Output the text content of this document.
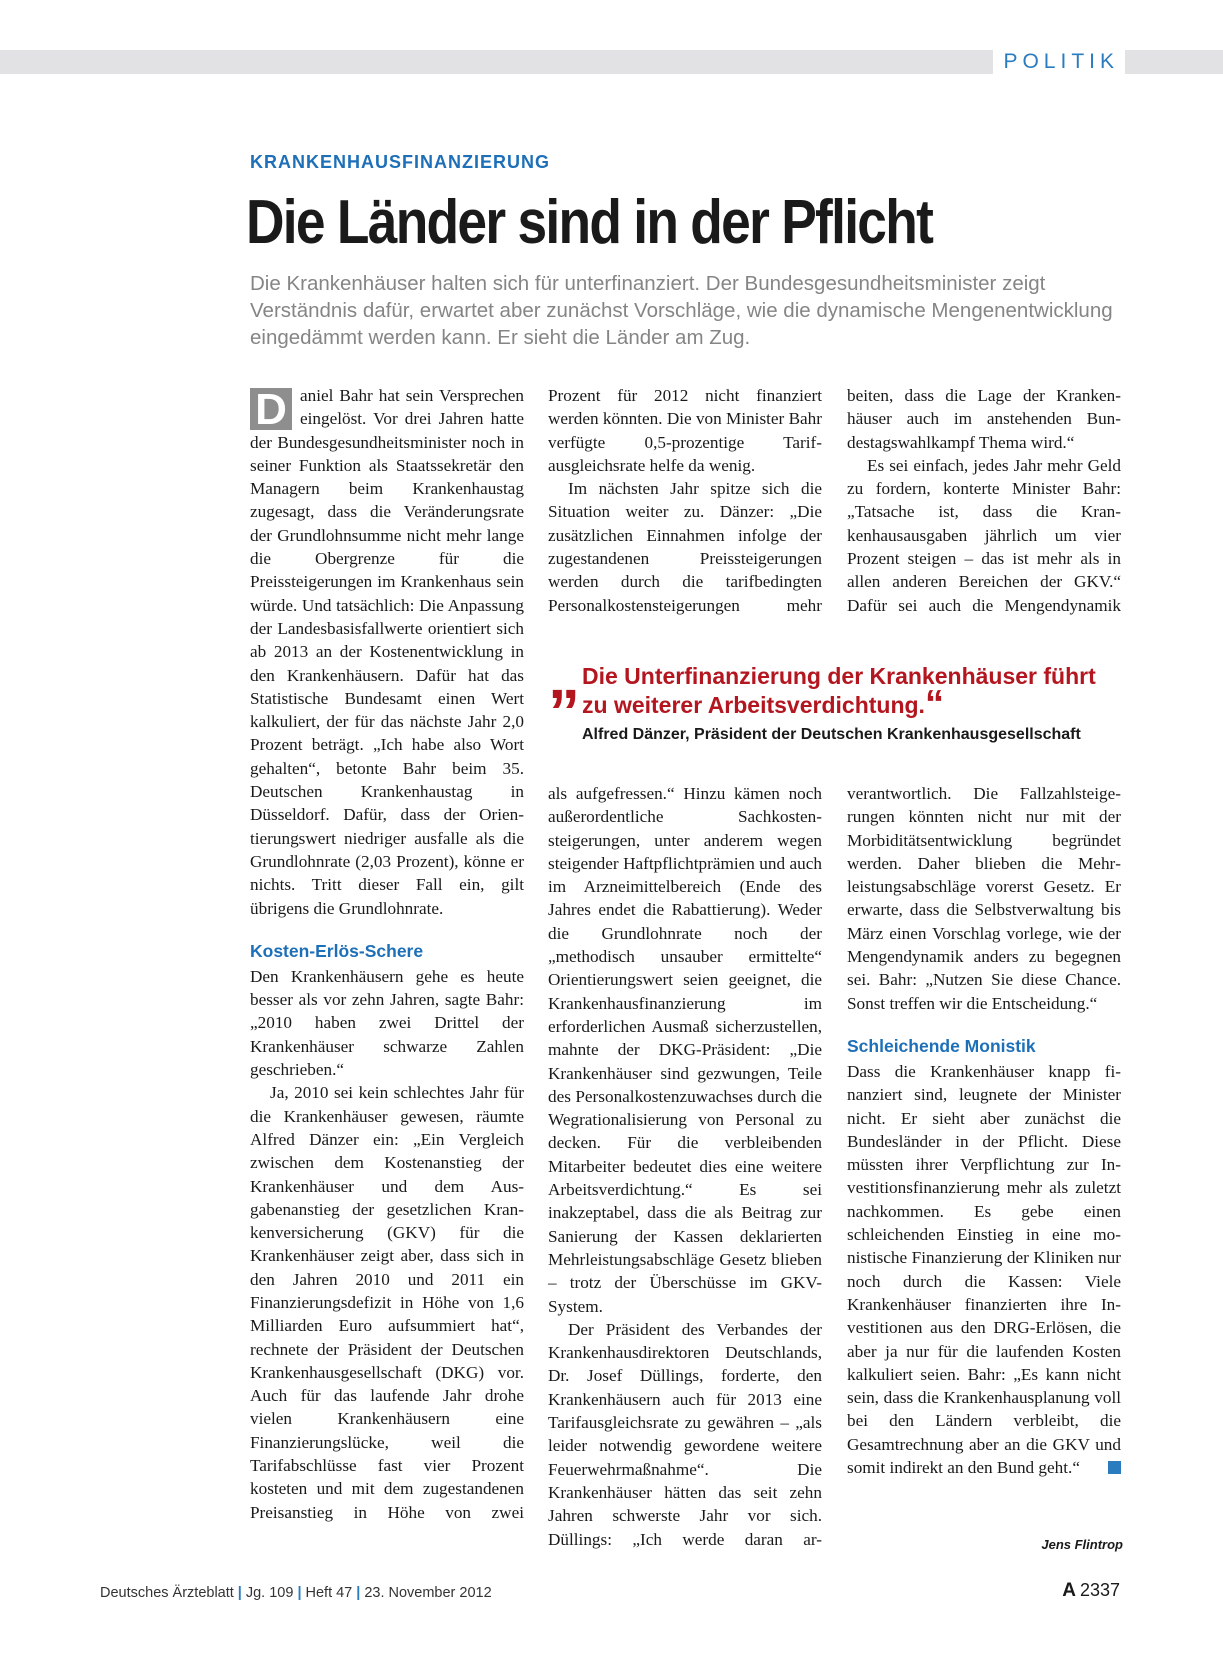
POLITIK
KRANKENHAUSFINANZIERUNG
Die Länder sind in der Pflicht

Die Krankenhäuser halten sich für unterfinanziert. Der Bundesgesundheitsminister zeigt Verständnis dafür, erwartet aber zunächst Vorschläge, wie die dynamische Mengenentwicklung eingedämmt werden kann. Er sieht die Länder am Zug.

D aniel Bahr hat sein Versprechen eingelöst. Vor drei Jahren hatte der Bundesgesundheitsminister noch in seiner Funktion als Staatssekretär den Managern beim Krankenhaustag zugesagt, dass die Veränderungsrate der Grundlohnsumme nicht mehr lange die Obergrenze für die Preissteigerungen im Krankenhaus sein würde. Und tatsächlich: Die Anpassung der Landesbasisfallwerte orientiert sich ab 2013 an der Kostenentwicklung in den Krankenhäusern. Dafür hat das Statistische Bundesamt einen Wert kalkuliert, der für das nächste Jahr 2,0 Prozent beträgt. „Ich habe also Wort gehalten“, betonte Bahr beim 35. Deutschen Krankenhaustag in Düsseldorf. Dafür, dass der Orientierungswert niedriger ausfalle als die Grundlohnrate (2,03 Prozent), könne er nichts. Tritt dieser Fall ein, gilt übrigens die Grundlohnrate.

Kosten-Erlös-Schere

Den Krankenhäusern gehe es heute besser als vor zehn Jahren, sagte Bahr: „2010 haben zwei Drittel der Krankenhäuser schwarze Zahlen geschrieben.“

Ja, 2010 sei kein schlechtes Jahr für die Krankenhäuser gewesen, räumte Alfred Dänzer ein: „Ein Vergleich zwischen dem Kostenanstieg der Krankenhäuser und dem Ausgabenanstieg der gesetzlichen Krankenversicherung (GKV) für die Krankenhäuser zeigt aber, dass sich in den Jahren 2010 und 2011 ein Finanzierungsdefizit in Höhe von 1,6 Milliarden Euro aufsummiert hat“, rechnete der Präsident der Deutschen Krankenhausgesellschaft (DKG) vor. Auch für das laufende Jahr drohe vielen Krankenhäusern eine Finanzierungslücke, weil die Tarifabschlüsse fast vier Prozent kosteten und mit dem zugestandenen Preisanstieg in Höhe von zwei

Prozent für 2012 nicht finanziert werden könnten. Die von Minister Bahr verfügte 0,5-prozentige Tarifausgleichsrate helfe da wenig.

Im nächsten Jahr spitze sich die Situation weiter zu. Dänzer: „Die zusätzlichen Einnahmen infolge der zugestandenen Preissteigerungen werden durch die tarifbedingten Personalkostensteigerungen mehr

beiten, dass die Lage der Krankenhäuser auch im anstehenden Bundestagswahlkampf Thema wird.“

Es sei einfach, jedes Jahr mehr Geld zu fordern, konterte Minister Bahr: „Tatsache ist, dass die Krankenhausausgaben jährlich um vier Prozent steigen – das ist mehr als in allen anderen Bereichen der GKV.“ Dafür sei auch die Mengendynamik

„ Die Unterfinanzierung der Krankenhäuser führt zu weiterer Arbeitsverdichtung.“
Alfred Dänzer, Präsident der Deutschen Krankenhausgesellschaft

als aufgefressen.“ Hinzu kämen noch außerordentliche Sachkostensteigerungen, unter anderem wegen steigender Haftpflichtprämien und auch im Arzneimittelbereich (Ende des Jahres endet die Rabattierung). Weder die Grundlohnrate noch der „methodisch unsauber ermittelte“ Orientierungswert seien geeignet, die Krankenhausfinanzierung im erforderlichen Ausmaß sicherzustellen, mahnte der DKG-Präsident: „Die Krankenhäuser sind gezwungen, Teile des Personalkostenzuwachses durch die Wegrationalisierung von Personal zu decken. Für die verbleibenden Mitarbeiter bedeutet dies eine weitere Arbeitsverdichtung.“ Es sei inakzeptabel, dass die als Beitrag zur Sanierung der Kassen deklarierten Mehrleistungsabschläge Gesetz blieben – trotz der Überschüsse im GKV-System.

Der Präsident des Verbandes der Krankenhausdirektoren Deutschlands, Dr. Josef Düllings, forderte, den Krankenhäusern auch für 2013 eine Tarifausgleichsrate zu gewähren – „als leider notwendig gewordene weitere Feuerwehrmaßnahme“. Die Krankenhäuser hätten das seit zehn Jahren schwerste Jahr vor sich. Düllings: „Ich werde daran ar-

verantwortlich. Die Fallzahlsteigerungen könnten nicht nur mit der Morbiditätsentwicklung begründet werden. Daher blieben die Mehrleistungsabschläge vorerst Gesetz. Er erwarte, dass die Selbstverwaltung bis März einen Vorschlag vorlege, wie der Mengendynamik anders zu begegnen sei. Bahr: „Nutzen Sie diese Chance. Sonst treffen wir die Entscheidung.“

Schleichende Monistik

Dass die Krankenhäuser knapp finanziert sind, leugnete der Minister nicht. Er sieht aber zunächst die Bundesländer in der Pflicht. Diese müssten ihrer Verpflichtung zur Investitionsfinanzierung mehr als zuletzt nachkommen. Es gebe einen schleichenden Einstieg in eine monistische Finanzierung der Kliniken nur noch durch die Kassen: Viele Krankenhäuser finanzierten ihre Investitionen aus den DRG-Erlösen, die aber ja nur für die laufenden Kosten kalkuliert seien. Bahr: „Es kann nicht sein, dass die Krankenhausplanung voll bei den Ländern verbleibt, die Gesamtrechnung aber an die GKV und somit indirekt an den Bund geht.“

Jens Flintrop
Deutsches Ärzteblatt | Jg. 109 | Heft 47 | 23. November 2012	A 2337
